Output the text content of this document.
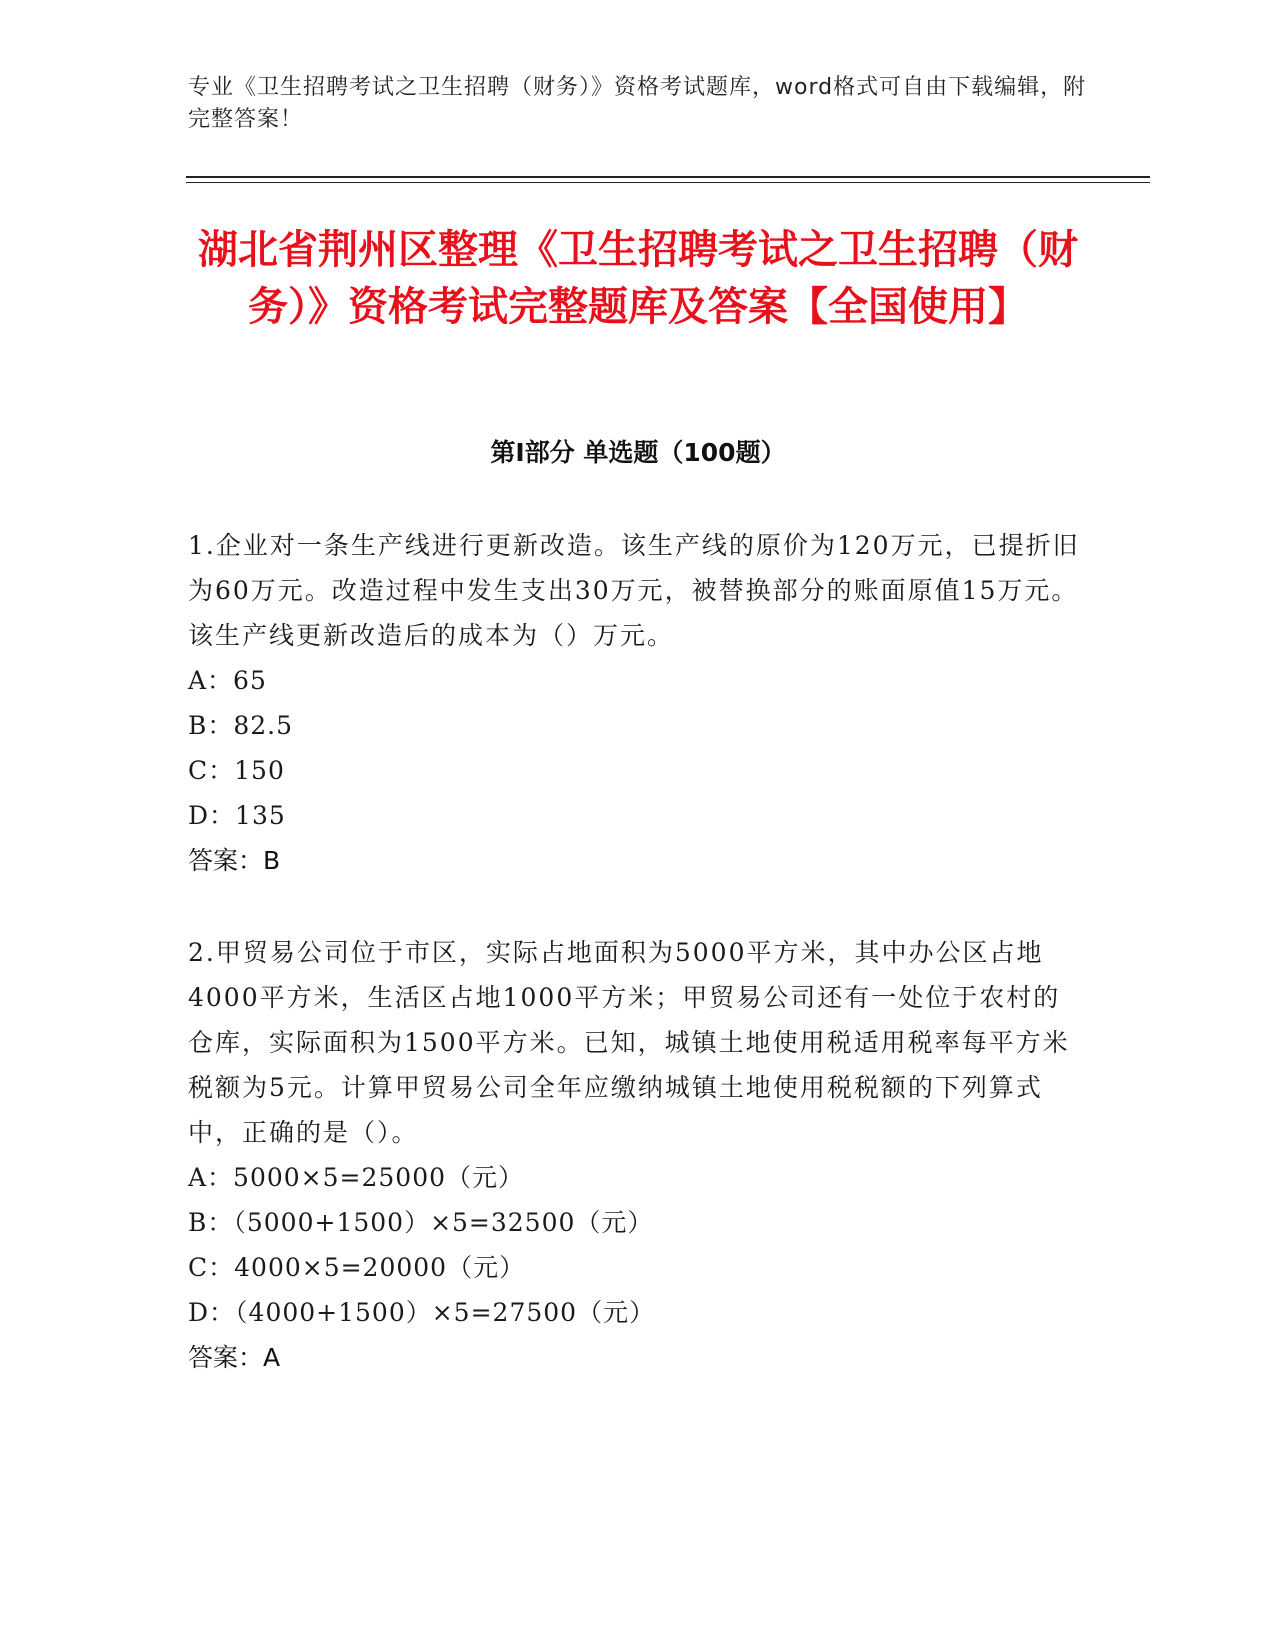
专业《卫生招聘考试之卫生招聘（财务）》资格考试题库，word格式可自由下载编辑，附完整答案！
湖北省荆州区整理《卫生招聘考试之卫生招聘（财务）》资格考试完整题库及答案【全国使用】
第I部分 单选题（100题）
1.企业对一条生产线进行更新改造。该生产线的原价为120万元，已提折旧为60万元。改造过程中发生支出30万元，被替换部分的账面原值15万元。该生产线更新改造后的成本为（）万元。
A：65
B：82.5
C：150
D：135
答案：B
2.甲贸易公司位于市区，实际占地面积为5000平方米，其中办公区占地4000平方米，生活区占地1000平方米；甲贸易公司还有一处位于农村的仓库，实际面积为1500平方米。已知，城镇土地使用税适用税率每平方米税额为5元。计算甲贸易公司全年应缴纳城镇土地使用税税额的下列算式中，正确的是（）。
A：5000×5=25000（元）
B：（5000+1500）×5=32500（元）
C：4000×5=20000（元）
D：（4000+1500）×5=27500（元）
答案：A
